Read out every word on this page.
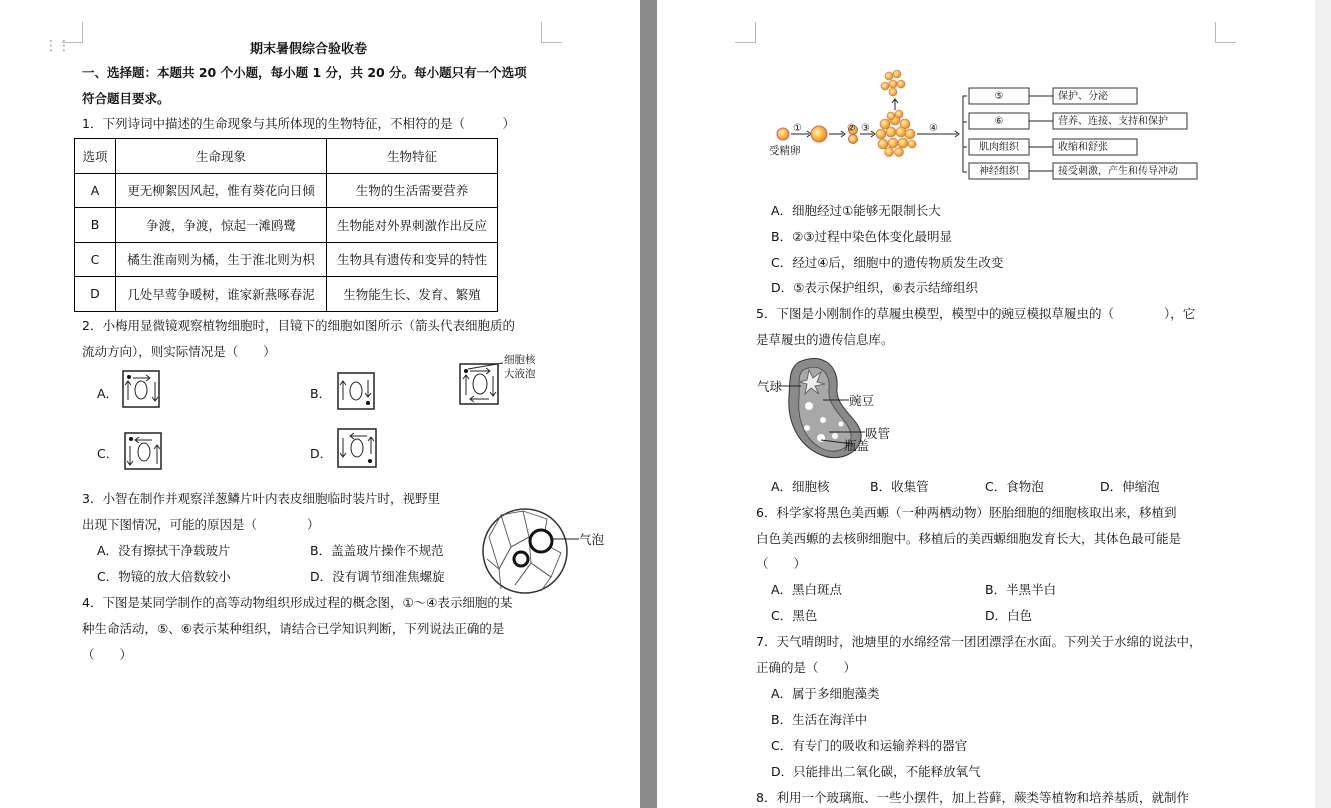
⋮⋮	期末暑假综合验收卷
一、选择题：本题共 20 个小题，每小题 1 分，共 20 分。每小题只有一个选项
符合题目要求。
1．下列诗词中描述的生命现象与其所体现的生物特征，不相符的是（　　　）
选项	生命现象	生物特征
A	更无柳絮因风起，惟有葵花向日倾	生物的生活需要营养
B	争渡，争渡，惊起一滩鸥鹭	生物能对外界刺激作出反应
C	橘生淮南则为橘，生于淮北则为枳	生物具有遗传和变异的特性
D	几处早莺争暖树，谁家新燕啄春泥	生物能生长、发育、繁殖
2．小梅用显微镜观察植物细胞时，目镜下的细胞如图所示（箭头代表细胞质的
流动方向），则实际情况是（　　）
A．	B．
细胞核
大液泡
C．	D．
3．小智在制作并观察洋葱鳞片叶内表皮细胞临时装片时，视野里
出现下图情况，可能的原因是（　　　　）
A．没有擦拭干净载玻片	B．盖盖玻片操作不规范
C．物镜的放大倍数较小	D．没有调节细准焦螺旋
气泡
4．下图是某同学制作的高等动物组织形成过程的概念图，①～④表示细胞的某
种生命活动，⑤、⑥表示某种组织，请结合已学知识判断，下列说法正确的是
（　　）
受精卵
①	② ③	④
⑤
⑥
肌肉组织
神经组织
保护、分泌
营养、连接、支持和保护
收缩和舒张
接受刺激，产生和传导冲动
A．细胞经过①能够无限制长大
B．②③过程中染色体变化最明显
C．经过④后，细胞中的遗传物质发生改变
D．⑤表示保护组织，⑥表示结缔组织
5．下图是小刚制作的草履虫模型，模型中的豌豆模拟草履虫的（　　　　），它
是草履虫的遗传信息库。
气球
豌豆
吸管
瓶盖
A．细胞核	B．收集管	C．食物泡	D．伸缩泡
6．科学家将黑色美西螈（一种两栖动物）胚胎细胞的细胞核取出来，移植到
白色美西螈的去核卵细胞中。移植后的美西螈细胞发育长大，其体色最可能是
（　　）
A．黑白斑点	B．半黑半白
C．黑色	D．白色
7．天气晴朗时，池塘里的水绵经常一团团漂浮在水面。下列关于水绵的说法中，
正确的是（　　）
A．属于多细胞藻类
B．生活在海洋中
C．有专门的吸收和运输养料的器官
D．只能排出二氧化碳，不能释放氧气
8．利用一个玻璃瓶、一些小摆件，加上苔藓，蕨类等植物和培养基质，就制作
